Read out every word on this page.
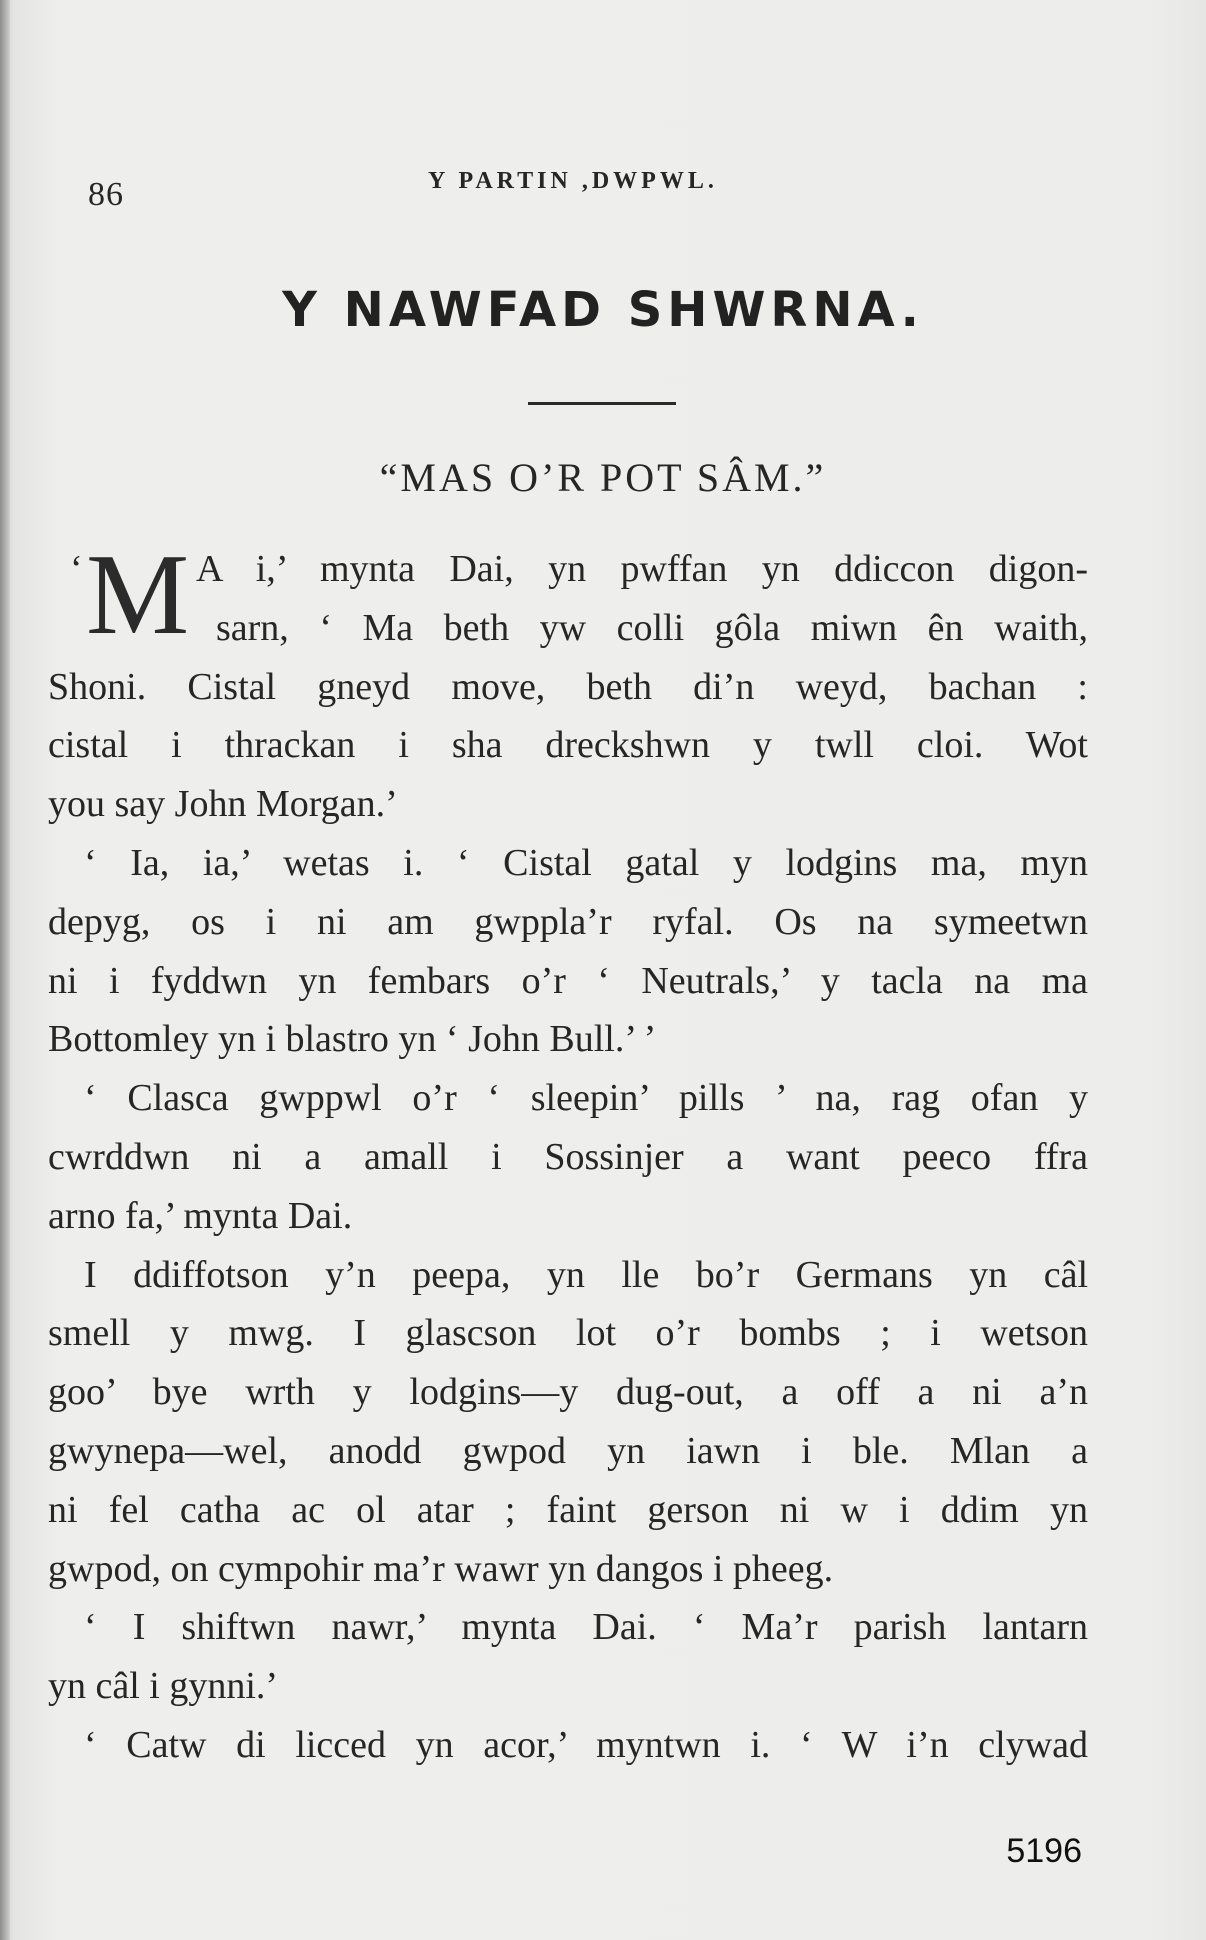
86	Y PARTIN ,DWPWL.
Y NAWFAD SHWRNA.
“MAS O’R POT SÂM.”
‘ M A i,’ mynta Dai, yn pwffan yn ddiccon digon-
sarn, ‘ Ma beth yw colli gôla miwn ên waith,
Shoni. Cistal gneyd move, beth di’n weyd, bachan :
cistal i thrackan i sha dreckshwn y twll cloi. Wot
you say John Morgan.’
‘ Ia, ia,’ wetas i. ‘ Cistal gatal y lodgins ma, myn
depyg, os i ni am gwppla’r ryfal. Os na symeetwn
ni i fyddwn yn fembars o’r ‘ Neutrals,’ y tacla na ma
Bottomley yn i blastro yn ‘ John Bull.’ ’
‘ Clasca gwppwl o’r ‘ sleepin’ pills ’ na, rag ofan y
cwrddwn ni a amall i Sossinjer a want peeco ffra
arno fa,’ mynta Dai.
I ddiffotson y’n peepa, yn lle bo’r Germans yn câl
smell y mwg. I glascson lot o’r bombs ; i wetson
goo’ bye wrth y lodgins—y dug-out, a off a ni a’n
gwynepa—wel, anodd gwpod yn iawn i ble. Mlan a
ni fel catha ac ol atar ; faint gerson ni w i ddim yn
gwpod, on cympohir ma’r wawr yn dangos i pheeg.
‘ I shiftwn nawr,’ mynta Dai. ‘ Ma’r parish lantarn
yn câl i gynni.’
‘ Catw di licced yn acor,’ myntwn i. ‘ W i’n clywad
5196
